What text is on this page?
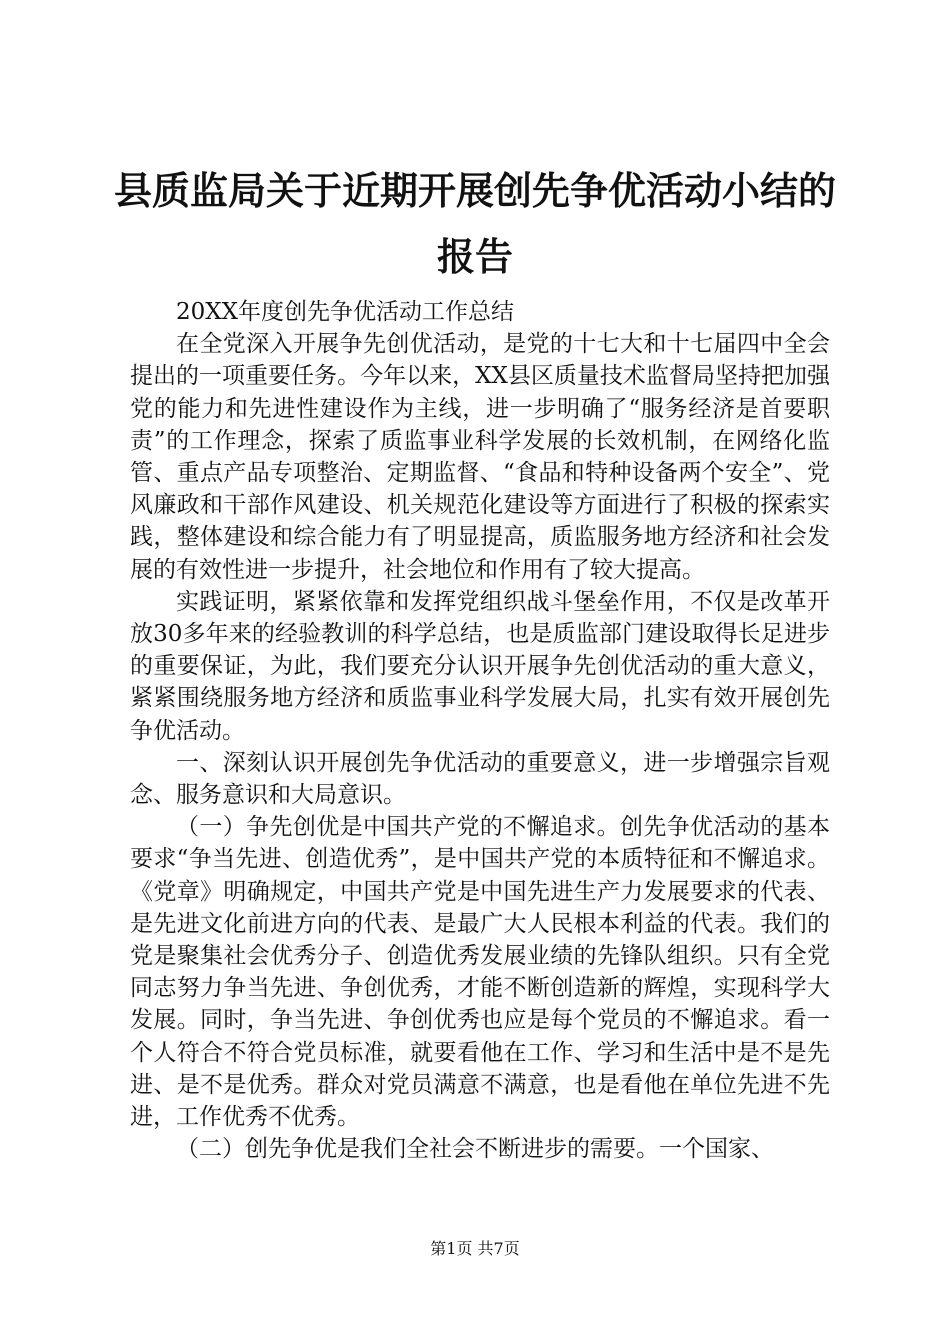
县质监局关于近期开展创先争优活动小结的报告

20XX年度创先争优活动工作总结

在全党深入开展争先创优活动，是党的十七大和十七届四中全会提出的一项重要任务。今年以来，XX县区质量技术监督局坚持把加强党的能力和先进性建设作为主线，进一步明确了“服务经济是首要职责”的工作理念，探索了质监事业科学发展的长效机制，在网络化监管、重点产品专项整治、定期监督、“食品和特种设备两个安全”、党风廉政和干部作风建设、机关规范化建设等方面进行了积极的探索实践，整体建设和综合能力有了明显提高，质监服务地方经济和社会发展的有效性进一步提升，社会地位和作用有了较大提高。

实践证明，紧紧依靠和发挥党组织战斗堡垒作用，不仅是改革开放30多年来的经验教训的科学总结，也是质监部门建设取得长足进步的重要保证，为此，我们要充分认识开展争先创优活动的重大意义，紧紧围绕服务地方经济和质监事业科学发展大局，扎实有效开展创先争优活动。

一、深刻认识开展创先争优活动的重要意义，进一步增强宗旨观念、服务意识和大局意识。

（一）争先创优是中国共产党的不懈追求。创先争优活动的基本要求“争当先进、创造优秀”，是中国共产党的本质特征和不懈追求。《党章》明确规定，中国共产党是中国先进生产力发展要求的代表、是先进文化前进方向的代表、是最广大人民根本利益的代表。我们的党是聚集社会优秀分子、创造优秀发展业绩的先锋队组织。只有全党同志努力争当先进、争创优秀，才能不断创造新的辉煌，实现科学大发展。同时，争当先进、争创优秀也应是每个党员的不懈追求。看一个人符合不符合党员标准，就要看他在工作、学习和生活中是不是先进、是不是优秀。群众对党员满意不满意，也是看他在单位先进不先进，工作优秀不优秀。

（二）创先争优是我们全社会不断进步的需要。一个国家、

第1页 共7页
